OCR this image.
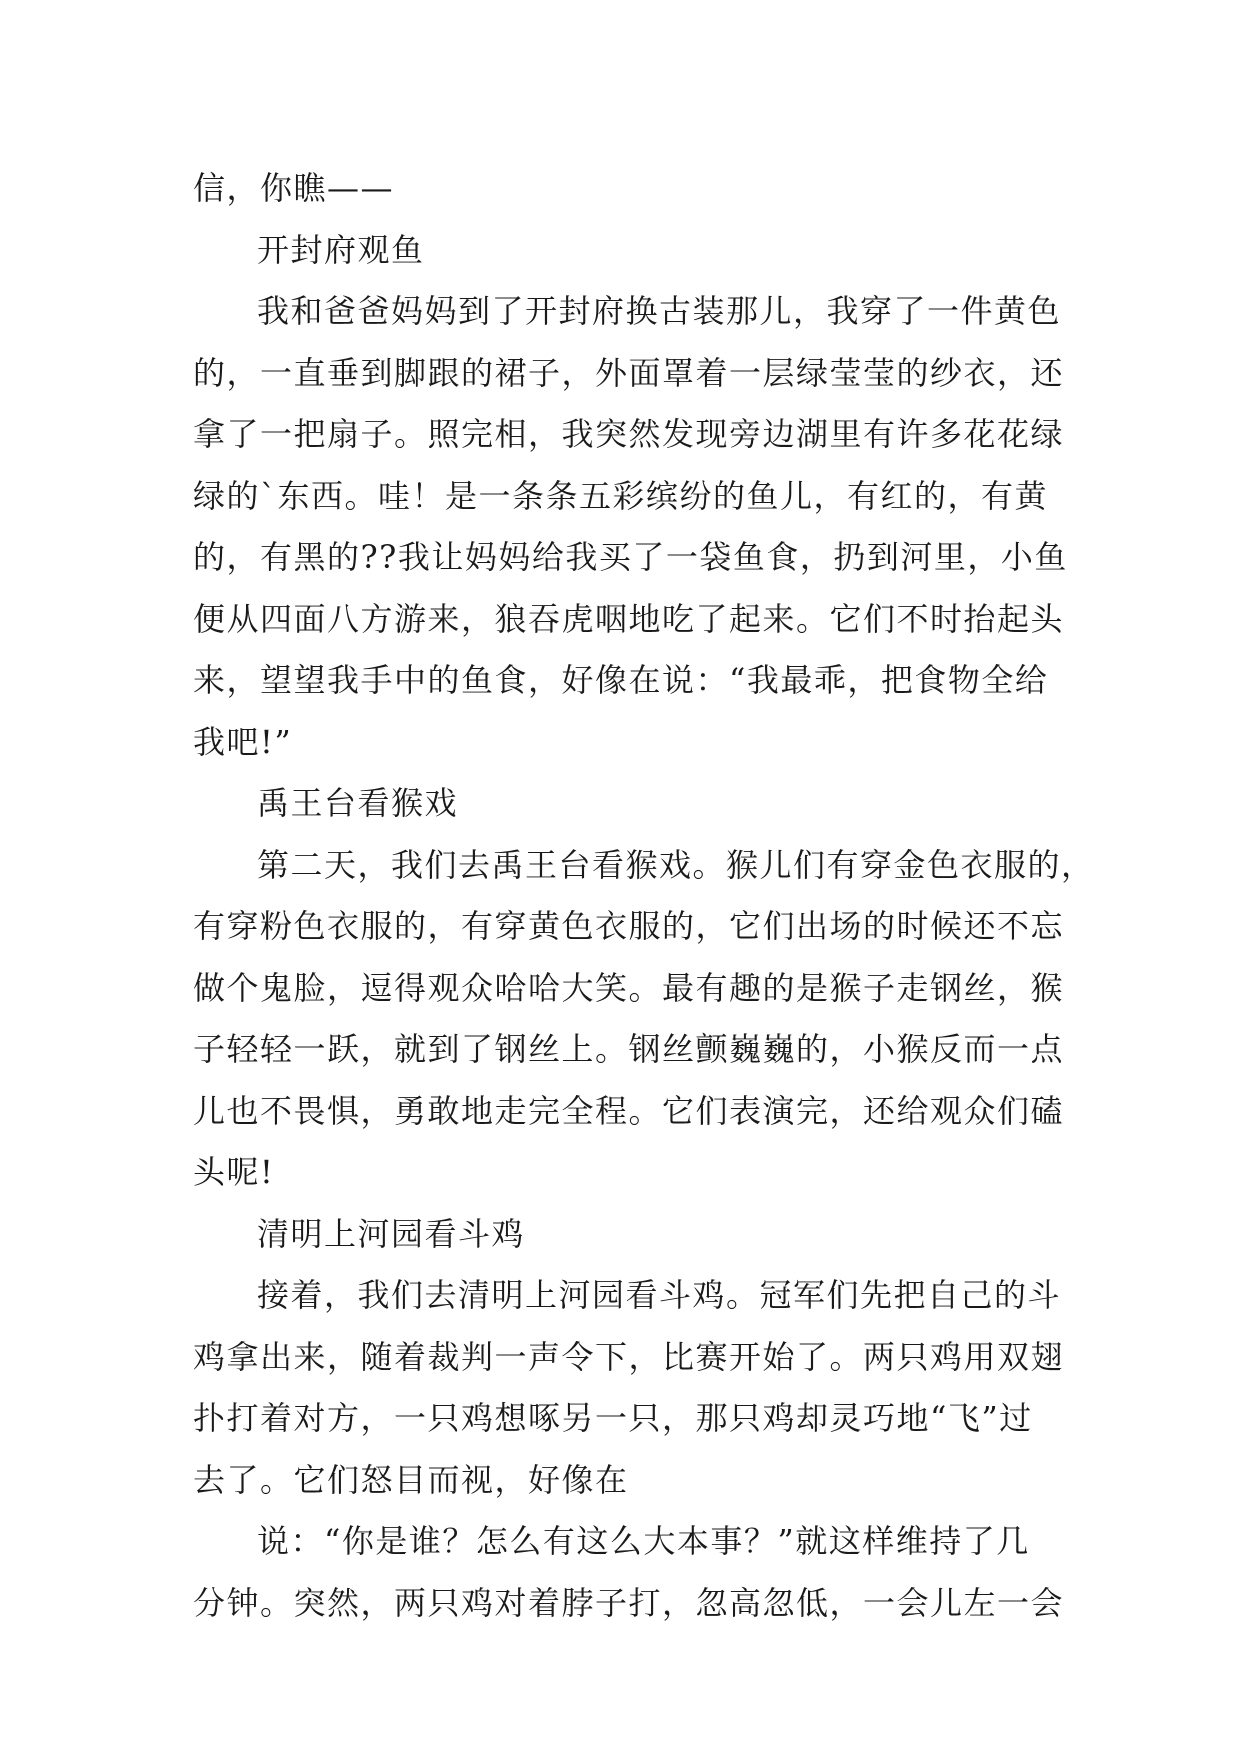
信，你瞧——
开封府观鱼
我和爸爸妈妈到了开封府换古装那儿，我穿了一件黄色
的，一直垂到脚跟的裙子，外面罩着一层绿莹莹的纱衣，还
拿了一把扇子。照完相，我突然发现旁边湖里有许多花花绿
绿的`东西。哇！是一条条五彩缤纷的鱼儿，有红的，有黄
的，有黑的??我让妈妈给我买了一袋鱼食，扔到河里，小鱼
便从四面八方游来，狼吞虎咽地吃了起来。它们不时抬起头
来，望望我手中的鱼食，好像在说：“我最乖，把食物全给
我吧!”
禹王台看猴戏
第二天，我们去禹王台看猴戏。猴儿们有穿金色衣服的，
有穿粉色衣服的，有穿黄色衣服的，它们出场的时候还不忘
做个鬼脸，逗得观众哈哈大笑。最有趣的是猴子走钢丝，猴
子轻轻一跃，就到了钢丝上。钢丝颤巍巍的，小猴反而一点
儿也不畏惧，勇敢地走完全程。它们表演完，还给观众们磕
头呢!
清明上河园看斗鸡
接着，我们去清明上河园看斗鸡。冠军们先把自己的斗
鸡拿出来，随着裁判一声令下，比赛开始了。两只鸡用双翅
扑打着对方，一只鸡想啄另一只，那只鸡却灵巧地“飞”过
去了。它们怒目而视，好像在
说：“你是谁？怎么有这么大本事？”就这样维持了几
分钟。突然，两只鸡对着脖子打，忽高忽低，一会儿左一会
